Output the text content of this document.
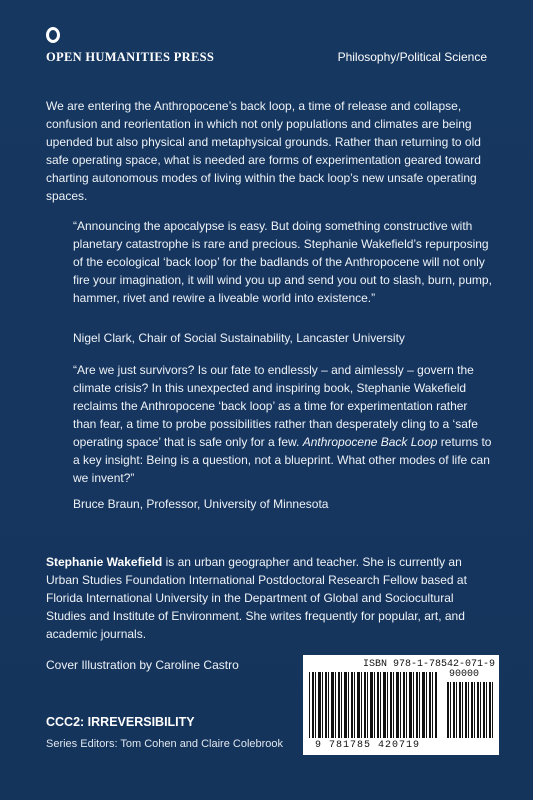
OPEN HUMANITIES PRESS	Philosophy/Political Science

We are entering the Anthropocene’s back loop, a time of release and collapse, confusion and reorientation in which not only populations and climates are being upended but also physical and metaphysical grounds. Rather than returning to old safe operating space, what is needed are forms of experimentation geared toward charting autonomous modes of living within the back loop’s new unsafe operating spaces.

“Announcing the apocalypse is easy. But doing something constructive with planetary catastrophe is rare and precious. Stephanie Wakefield’s repurposing of the ecological ‘back loop’ for the badlands of the Anthropocene will not only fire your imagination, it will wind you up and send you out to slash, burn, pump, hammer, rivet and rewire a liveable world into existence.”

Nigel Clark, Chair of Social Sustainability, Lancaster University

“Are we just survivors? Is our fate to endlessly – and aimlessly – govern the climate crisis? In this unexpected and inspiring book, Stephanie Wakefield reclaims the Anthropocene ‘back loop’ as a time for experimentation rather than fear, a time to probe possibilities rather than desperately cling to a ‘safe operating space’ that is safe only for a few. Anthropocene Back Loop returns to a key insight: Being is a question, not a blueprint. What other modes of life can we invent?”

Bruce Braun, Professor, University of Minnesota

Stephanie Wakefield is an urban geographer and teacher. She is currently an Urban Studies Foundation International Postdoctoral Research Fellow based at Florida International University in the Department of Global and Sociocultural Studies and Institute of Environment. She writes frequently for popular, art, and academic journals.

Cover Illustration by Caroline Castro

CCC2: IRREVERSIBILITY

Series Editors: Tom Cohen and Claire Colebrook

ISBN 978-1-78542-071-9
90000
9 781785 420719
